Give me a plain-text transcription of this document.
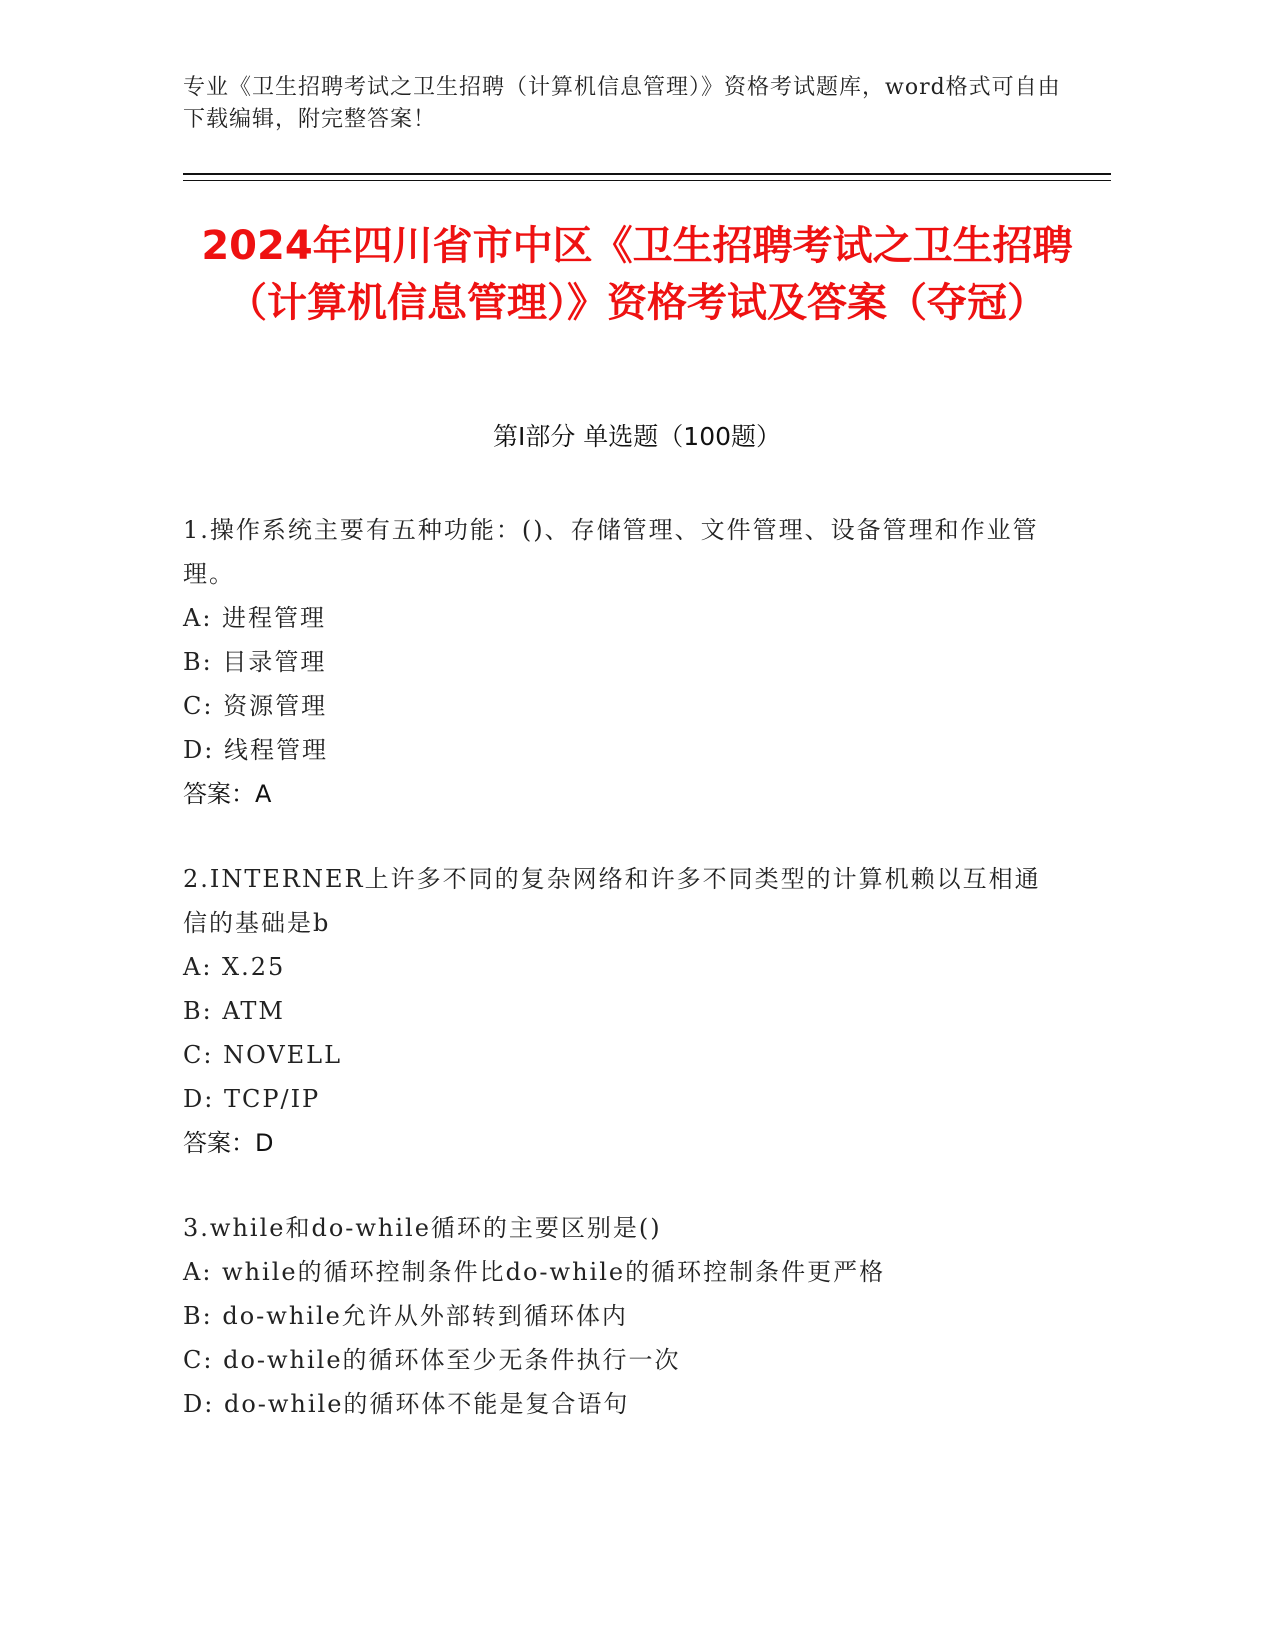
专业《卫生招聘考试之卫生招聘（计算机信息管理）》资格考试题库，word格式可自由下载编辑，附完整答案！
2024年四川省市中区《卫生招聘考试之卫生招聘（计算机信息管理）》资格考试及答案（夺冠）
第Ⅰ部分 单选题（100题）
1.操作系统主要有五种功能：()、存储管理、文件管理、设备管理和作业管理。
A: 进程管理
B: 目录管理
C: 资源管理
D: 线程管理
答案：A
2.INTERNER上许多不同的复杂网络和许多不同类型的计算机赖以互相通信的基础是b
A: X.25
B: ATM
C: NOVELL
D: TCP/IP
答案：D
3.while和do-while循环的主要区别是()
A: while的循环控制条件比do-while的循环控制条件更严格
B: do-while允许从外部转到循环体内
C: do-while的循环体至少无条件执行一次
D: do-while的循环体不能是复合语句
